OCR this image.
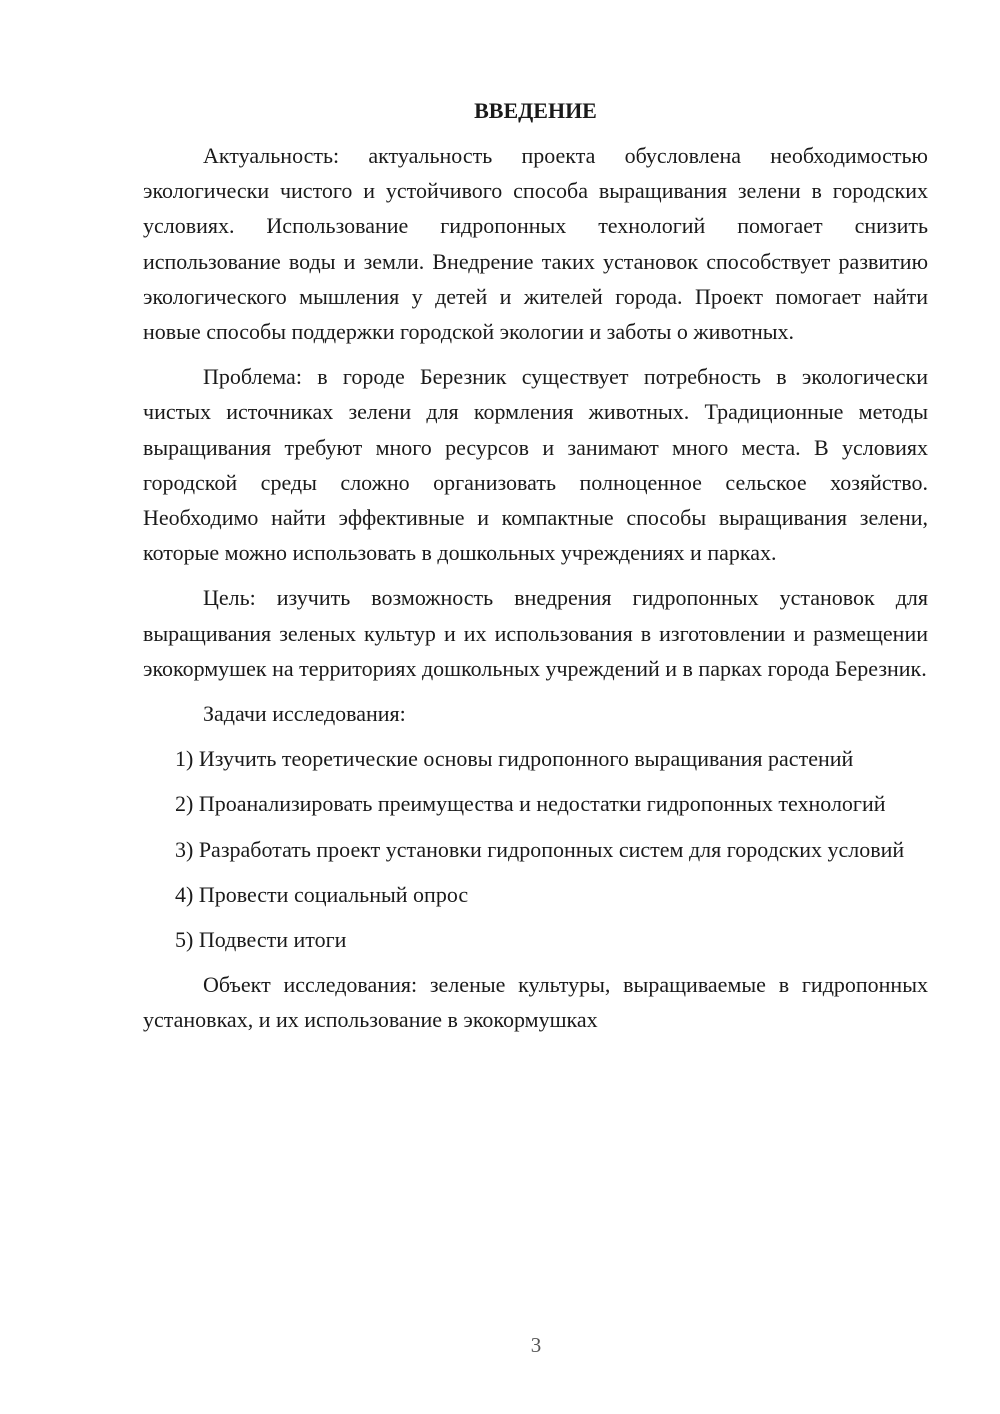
ВВЕДЕНИЕ

Актуальность: актуальность проекта обусловлена необходимостью экологически чистого и устойчивого способа выращивания зелени в городских условиях. Использование гидропонных технологий помогает снизить использование воды и земли. Внедрение таких установок способствует развитию экологического мышления у детей и жителей города. Проект помогает найти новые способы поддержки городской экологии и заботы о животных.

Проблема: в городе Березник существует потребность в экологически чистых источниках зелени для кормления животных. Традиционные методы выращивания требуют много ресурсов и занимают много места. В условиях городской среды сложно организовать полноценное сельское хозяйство. Необходимо найти эффективные и компактные способы выращивания зелени, которые можно использовать в дошкольных учреждениях и парках.

Цель: изучить возможность внедрения гидропонных установок для выращивания зеленых культур и их использования в изготовлении и размещении экокормушек на территориях дошкольных учреждений и в парках города Березник.

Задачи исследования:

1) Изучить теоретические основы гидропонного выращивания растений

2) Проанализировать преимущества и недостатки гидропонных технологий

3) Разработать проект установки гидропонных систем для городских условий

4) Провести социальный опрос

5) Подвести итоги

Объект исследования: зеленые культуры, выращиваемые в гидропонных установках, и их использование в экокормушках

3
